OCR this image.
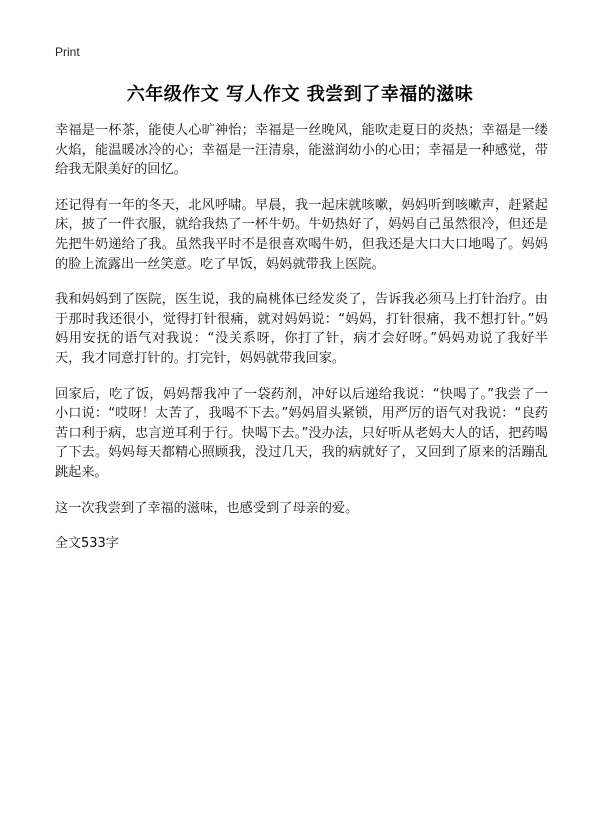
Print
六年级作文 写人作文 我尝到了幸福的滋味

幸福是一杯茶，能使人心旷神怡；幸福是一丝晚风，能吹走夏日的炎热；幸福是一缕火焰，能温暖冰冷的心；幸福是一汪清泉，能滋润幼小的心田；幸福是一种感觉，带给我无限美好的回忆。

还记得有一年的冬天，北风呼啸。早晨，我一起床就咳嗽，妈妈听到咳嗽声，赶紧起床，披了一件衣服，就给我热了一杯牛奶。牛奶热好了，妈妈自己虽然很冷，但还是先把牛奶递给了我。虽然我平时不是很喜欢喝牛奶，但我还是大口大口地喝了。妈妈的脸上流露出一丝笑意。吃了早饭，妈妈就带我上医院。

我和妈妈到了医院，医生说，我的扁桃体已经发炎了，告诉我必须马上打针治疗。由于那时我还很小，觉得打针很痛，就对妈妈说：“妈妈，打针很痛，我不想打针。”妈妈用安抚的语气对我说：“没关系呀，你打了针，病才会好呀。”妈妈劝说了我好半天，我才同意打针的。打完针，妈妈就带我回家。

回家后，吃了饭，妈妈帮我冲了一袋药剂，冲好以后递给我说：“快喝了。”我尝了一小口说：“哎呀！太苦了，我喝不下去。”妈妈眉头紧锁，用严厉的语气对我说：“良药苦口利于病，忠言逆耳利于行。快喝下去。”没办法，只好听从老妈大人的话，把药喝了下去。妈妈每天都精心照顾我，没过几天，我的病就好了，又回到了原来的活蹦乱跳起来。

这一次我尝到了幸福的滋味，也感受到了母亲的爱。

全文533字
